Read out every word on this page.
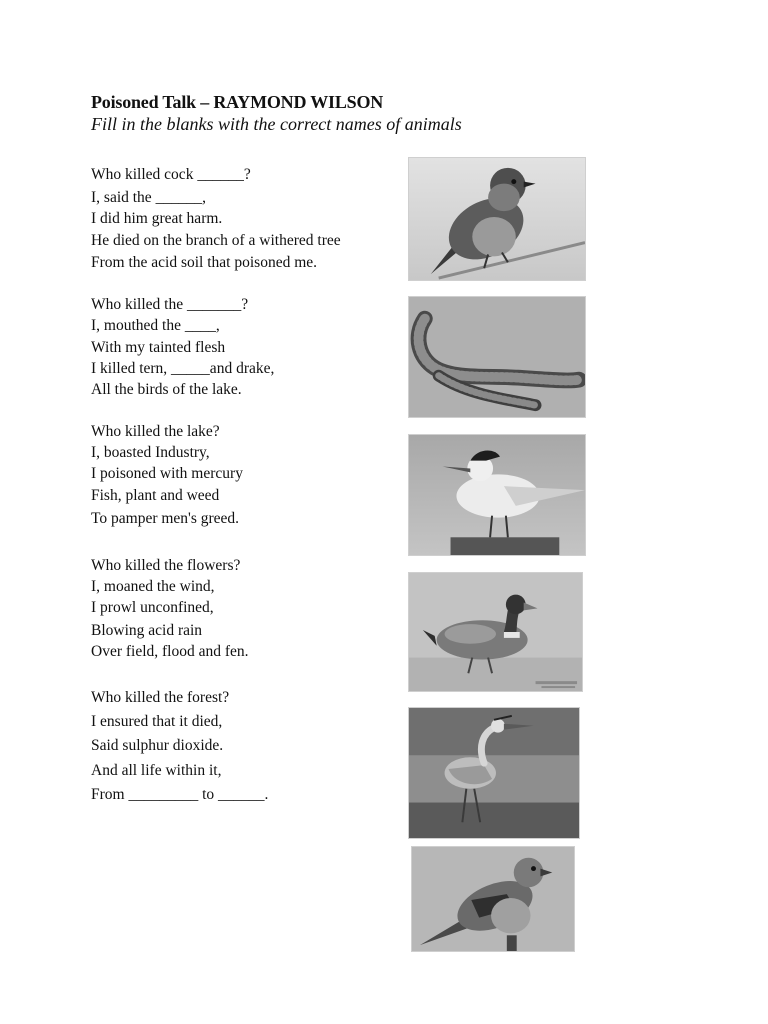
Poisoned Talk – RAYMOND WILSON
Fill in the blanks with the correct names of animals
Who killed cock ______?
I, said the ______,
I did him great harm.
He died on the branch of a withered tree
From the acid soil that poisoned me.
Who killed the _______?
I, mouthed the ____,
With my tainted flesh
I killed tern, _____and drake,
All the birds of the lake.
Who killed the lake?
I, boasted Industry,
I poisoned with mercury
Fish, plant and weed
To pamper men's greed.
Who killed the flowers?
I, moaned the wind,
I prowl unconfined,
Blowing acid rain
Over field, flood and fen.
Who killed the forest?
I ensured that it died,
Said sulphur dioxide.
And all life within it,
From _________ to ______.
